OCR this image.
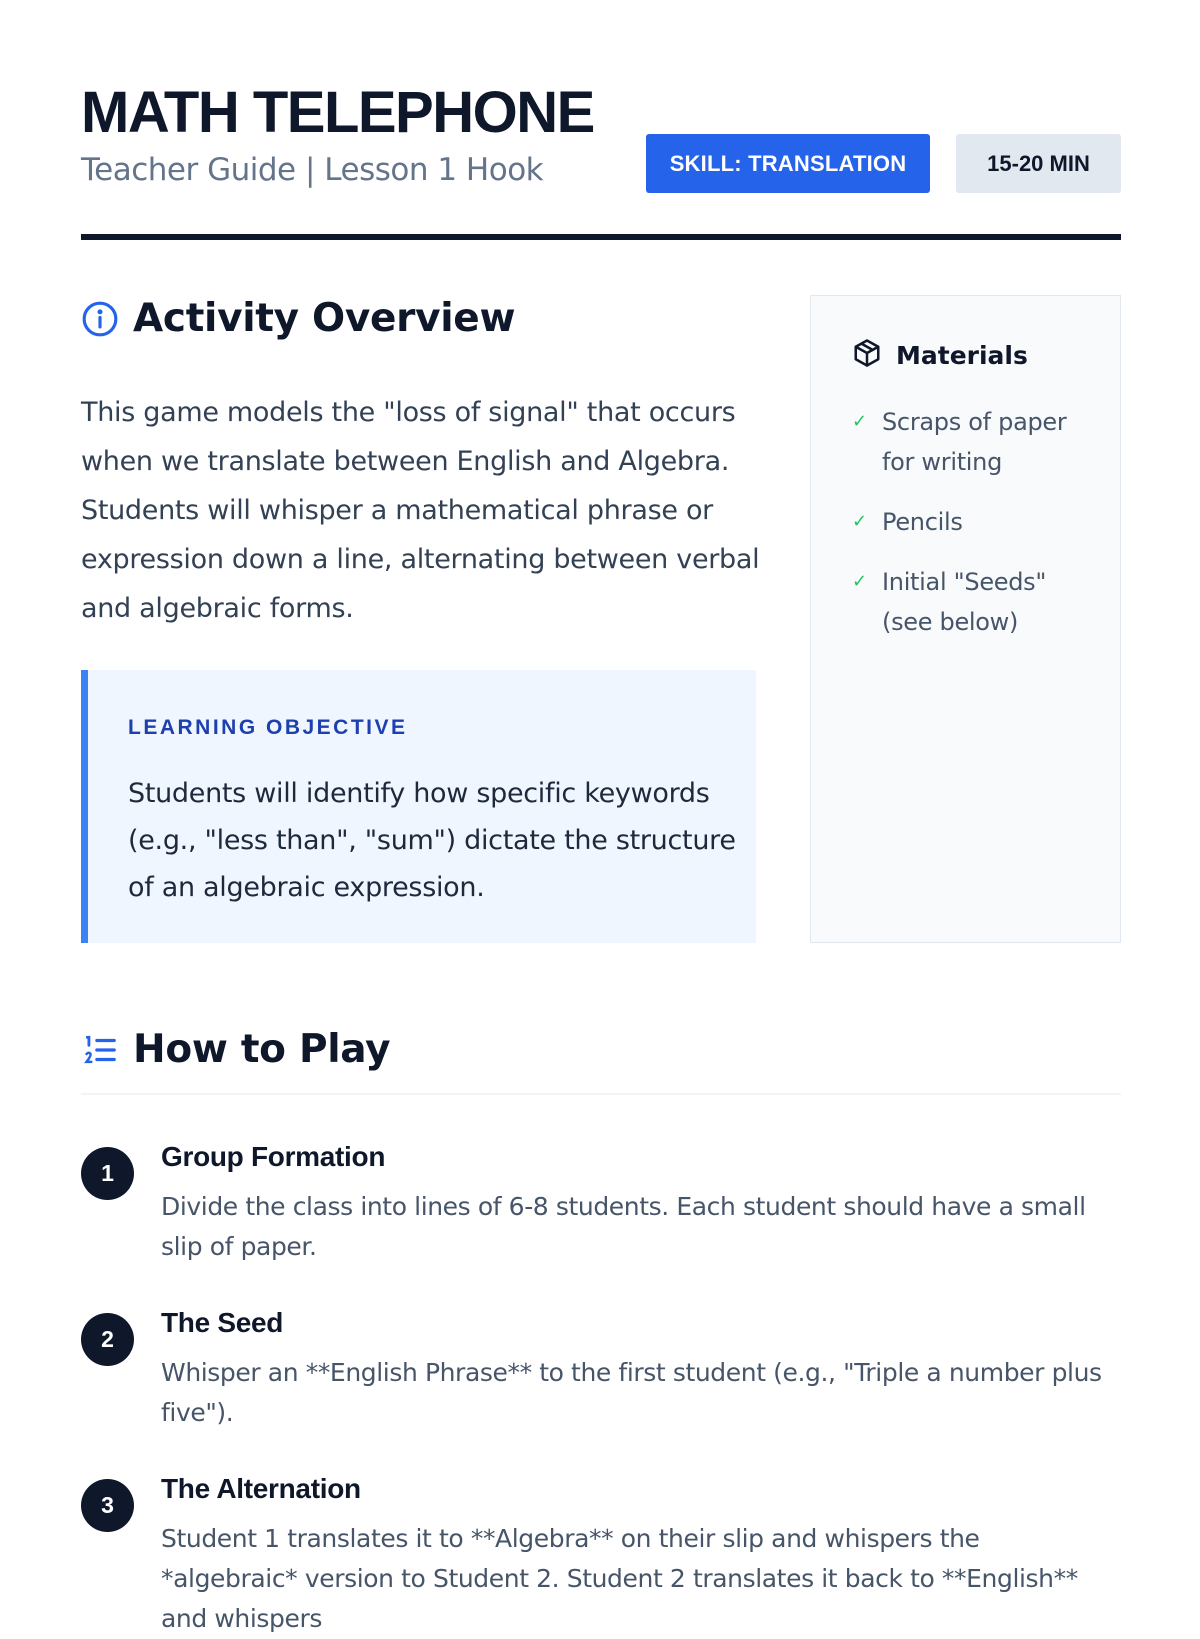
MATH TELEPHONE

Teacher Guide | Lesson 1 Hook	SKILL: TRANSLATION	15-20 MIN
Activity Overview

This game models the "loss of signal" that occurs when we translate between English and Algebra. Students will whisper a mathematical phrase or expression down a line, alternating between verbal and algebraic forms.

LEARNING OBJECTIVE

Students will identify how specific keywords (e.g., "less than", "sum") dictate the structure of an algebraic expression.

Materials
✓ Scraps of paper for writing
✓ Pencils
✓ Initial "Seeds" (see below)
How to Play
1

Group Formation

Divide the class into lines of 6-8 students. Each student should have a small slip of paper.

2

The Seed

Whisper an **English Phrase** to the first student (e.g., "Triple a number plus five").

3

The Alternation

Student 1 translates it to **Algebra** on their slip and whispers the *algebraic* version to Student 2. Student 2 translates it back to **English** and whispers
